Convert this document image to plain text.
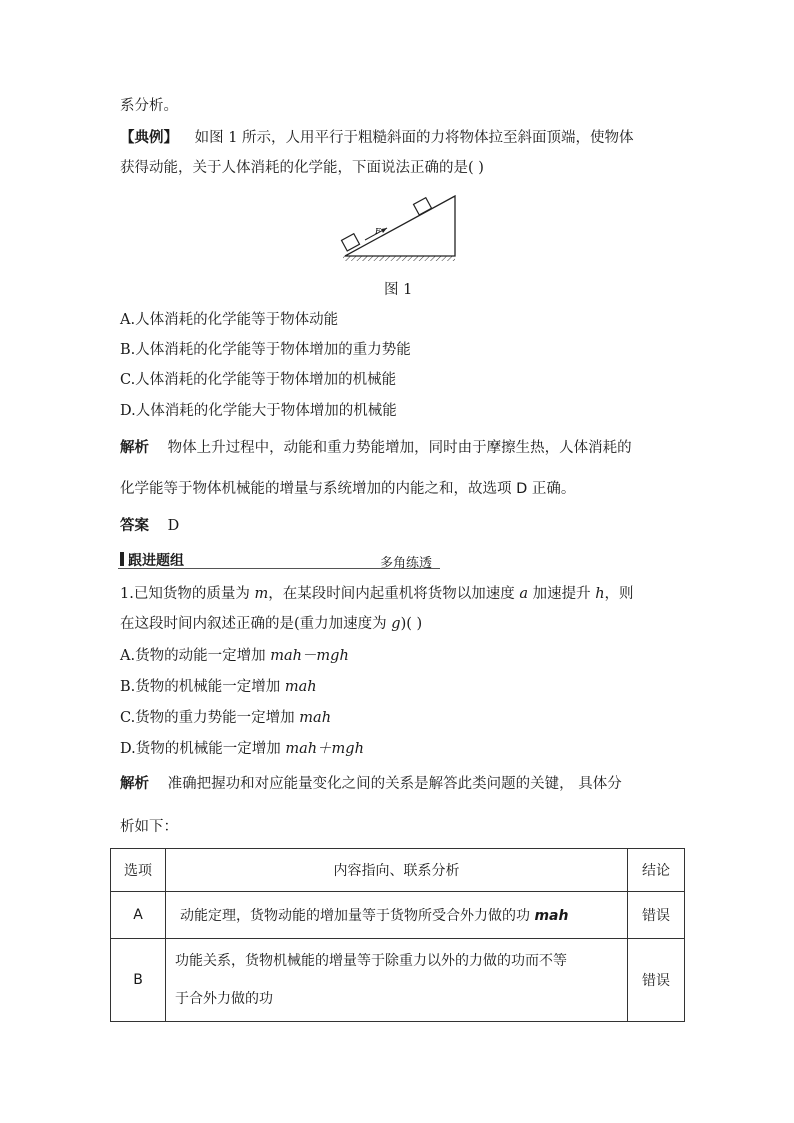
系分析。
【典例】 如图 1 所示，人用平行于粗糙斜面的力将物体拉至斜面顶端，使物体
获得动能，关于人体消耗的化学能，下面说法正确的是( )
F
图 1
A.人体消耗的化学能等于物体动能
B.人体消耗的化学能等于物体增加的重力势能
C.人体消耗的化学能等于物体增加的机械能
D.人体消耗的化学能大于物体增加的机械能
解析 物体上升过程中，动能和重力势能增加，同时由于摩擦生热，人体消耗的
化学能等于物体机械能的增量与系统增加的内能之和，故选项 D 正确。
答案 D
跟进题组	多角练透
1.已知货物的质量为 m，在某段时间内起重机将货物以加速度 a 加速提升 h，则
在这段时间内叙述正确的是(重力加速度为 g)( )
A.货物的动能一定增加 mah－mgh
B.货物的机械能一定增加 mah
C.货物的重力势能一定增加 mah
D.货物的机械能一定增加 mah＋mgh
解析 准确把握功和对应能量变化之间的关系是解答此类问题的关键， 具体分
析如下：
选项	内容指向、联系分析	结论
A	动能定理，货物动能的增加量等于货物所受合外力做的功 mah	错误
B	功能关系，货物机械能的增量等于除重力以外的力做的功而不等
于合外力做的功	错误
